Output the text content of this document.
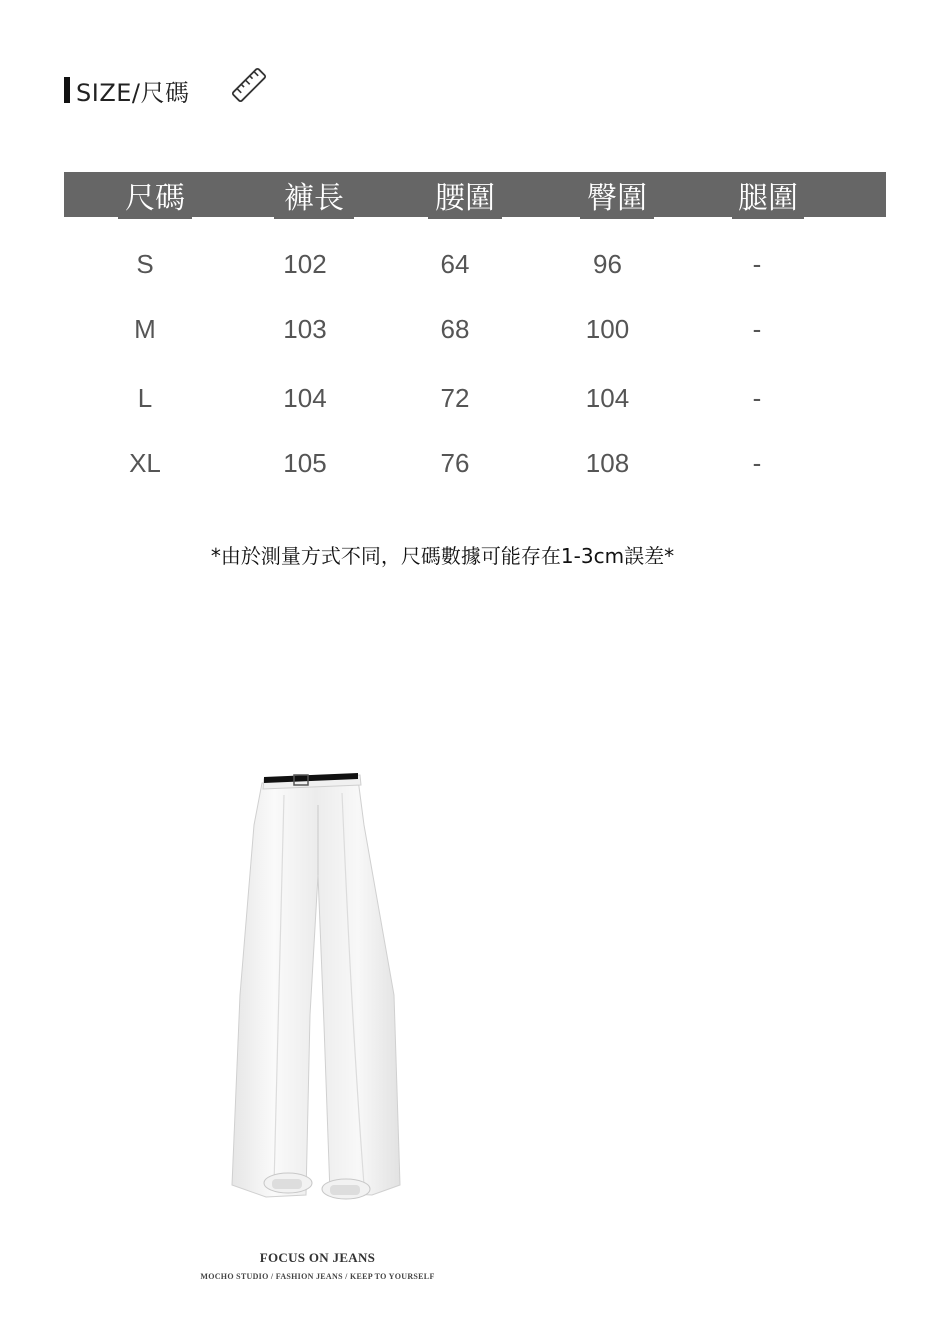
SIZE/尺碼
尺碼	褲長	腰圍	臀圍	腿圍
S	102	64	96	-
M	103	68	100	-
L	104	72	104	-
XL	105	76	108	-
*由於測量方式不同，尺碼數據可能存在1-3cm誤差*
FOCUS ON JEANS
MOCHO STUDIO / FASHION JEANS / KEEP TO YOURSELF
